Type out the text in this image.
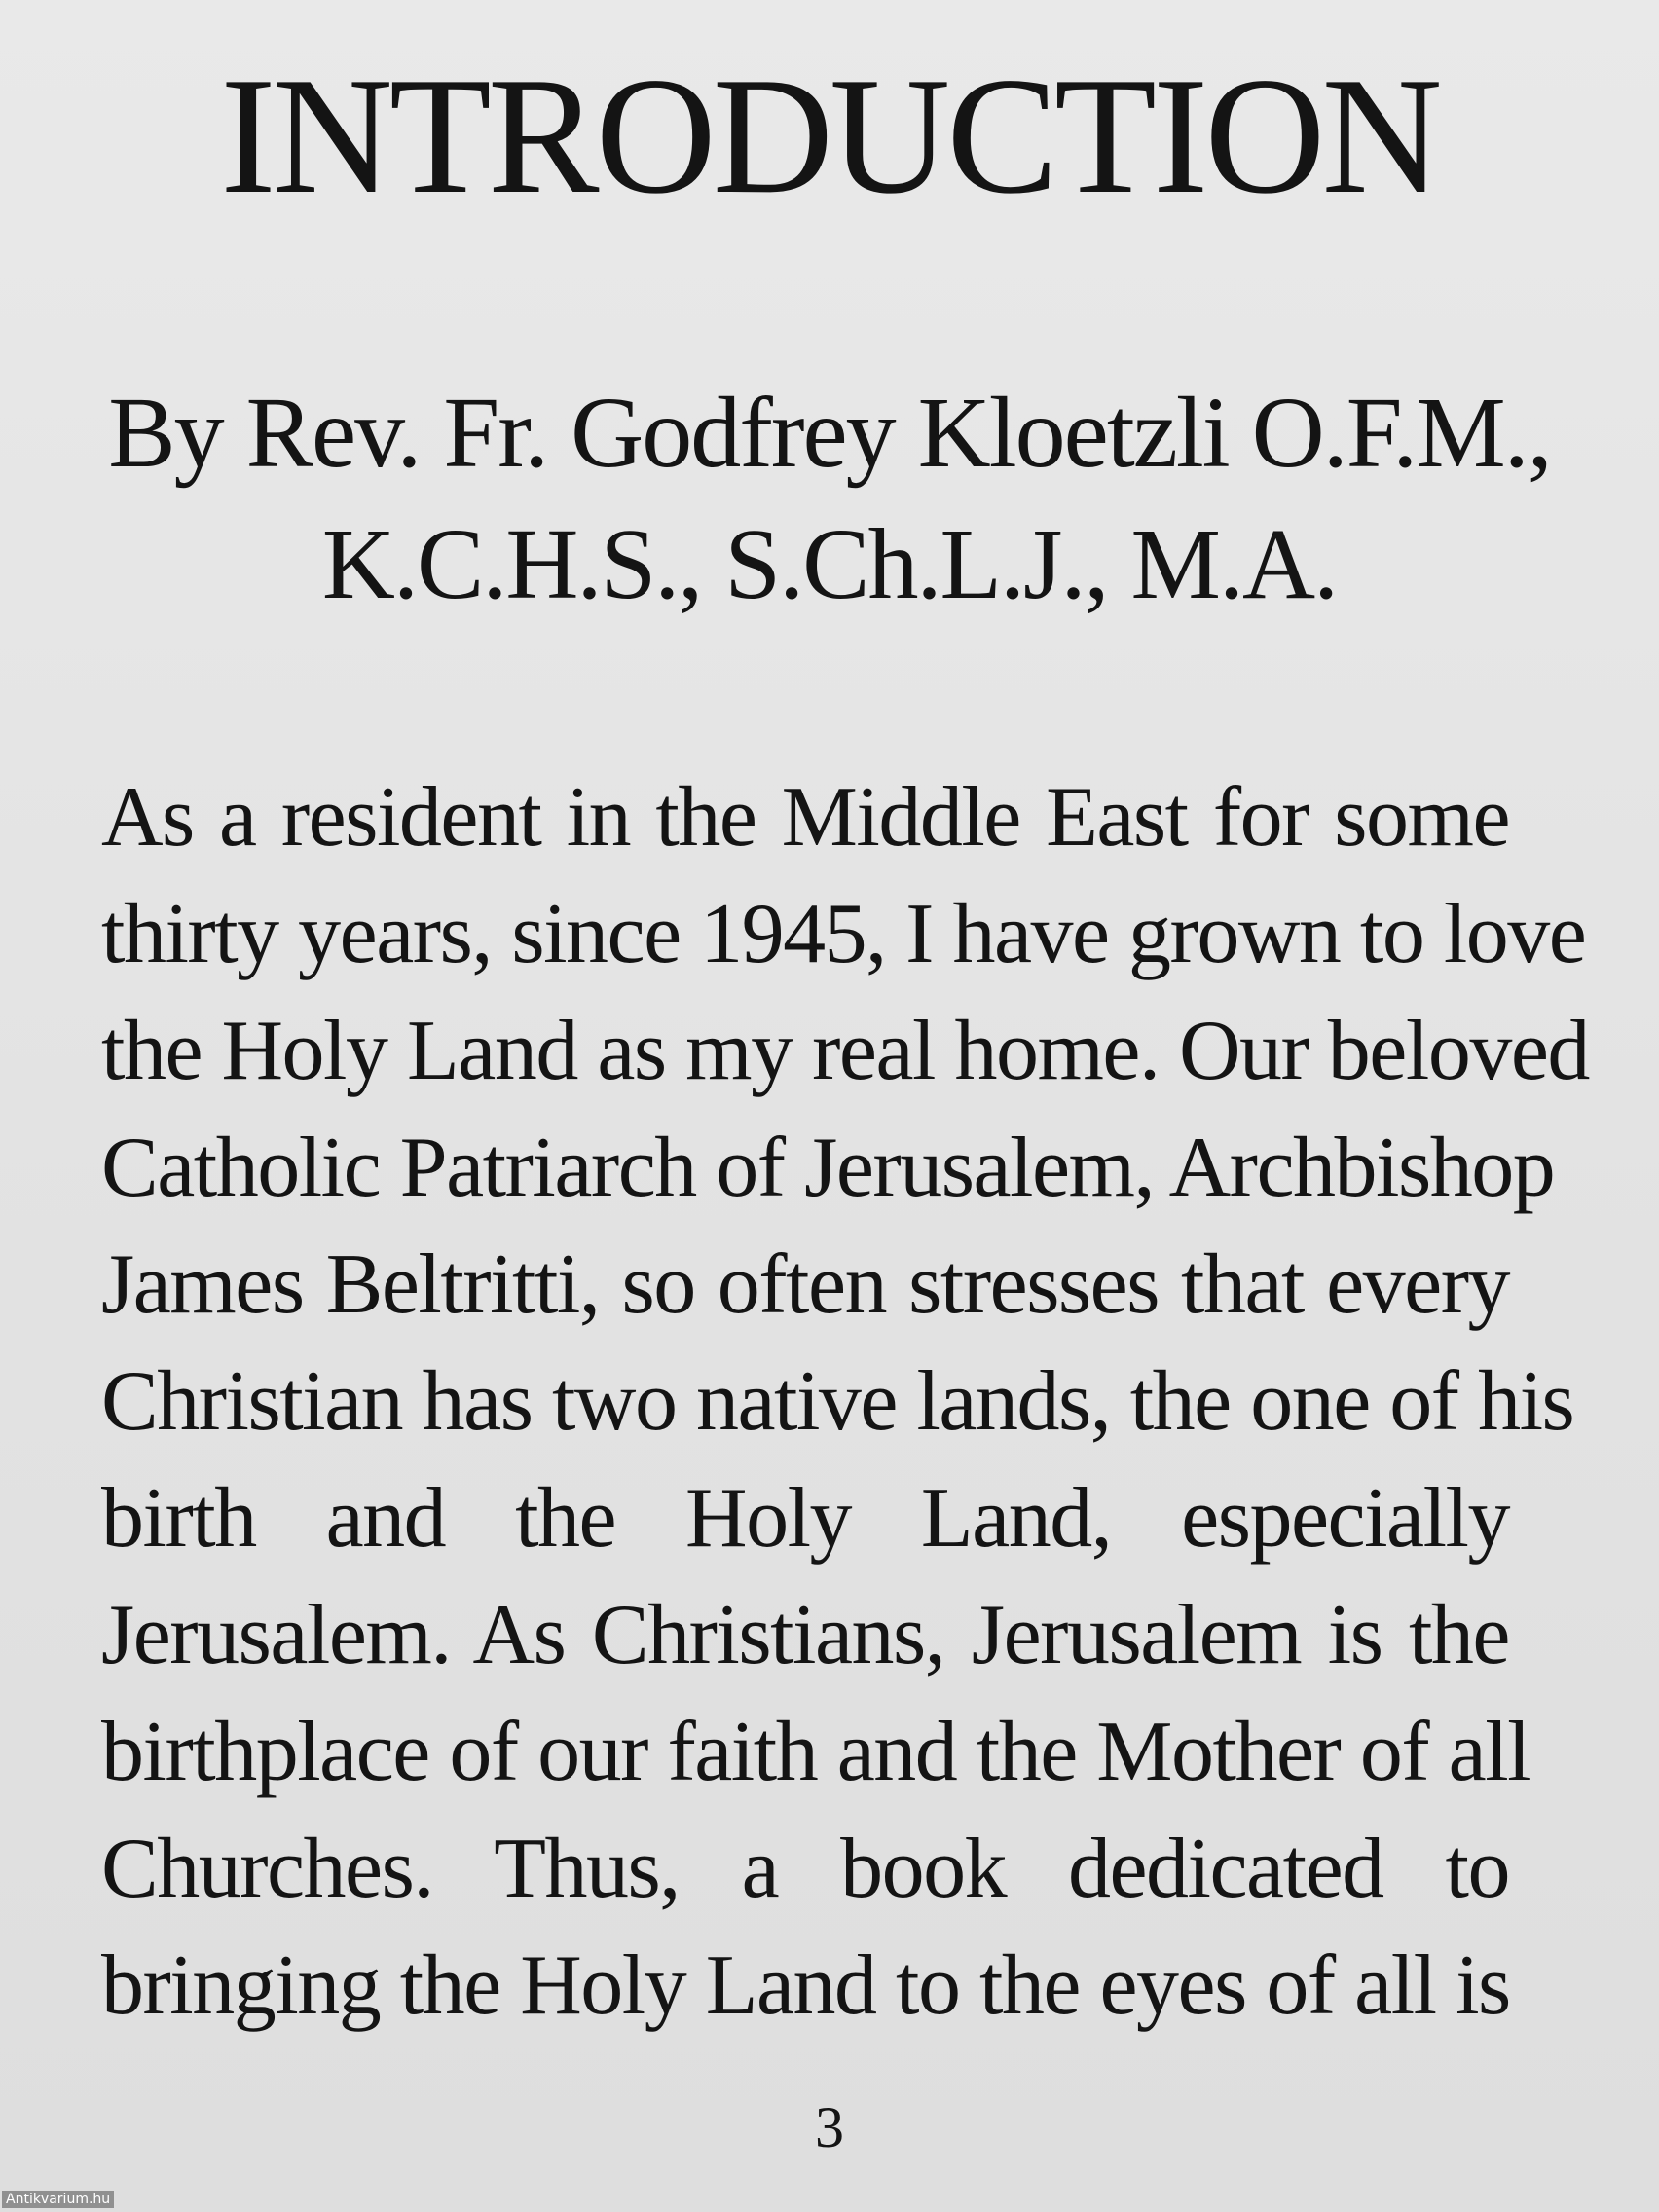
INTRODUCTION
By Rev. Fr. Godfrey Kloetzli O.F.M.,
K.C.H.S., S.Ch.L.J., M.A.
As a resident in the Middle East for some
thirty years, since 1945, I have grown to love
the Holy Land as my real home. Our beloved
Catholic Patriarch of Jerusalem, Archbishop
James Beltritti, so often stresses that every
Christian has two native lands, the one of his
birth and the Holy Land, especially
Jerusalem. As Christians, Jerusalem is the
birthplace of our faith and the Mother of all
Churches. Thus, a book dedicated to
bringing the Holy Land to the eyes of all is
3
Antikvarium.hu
